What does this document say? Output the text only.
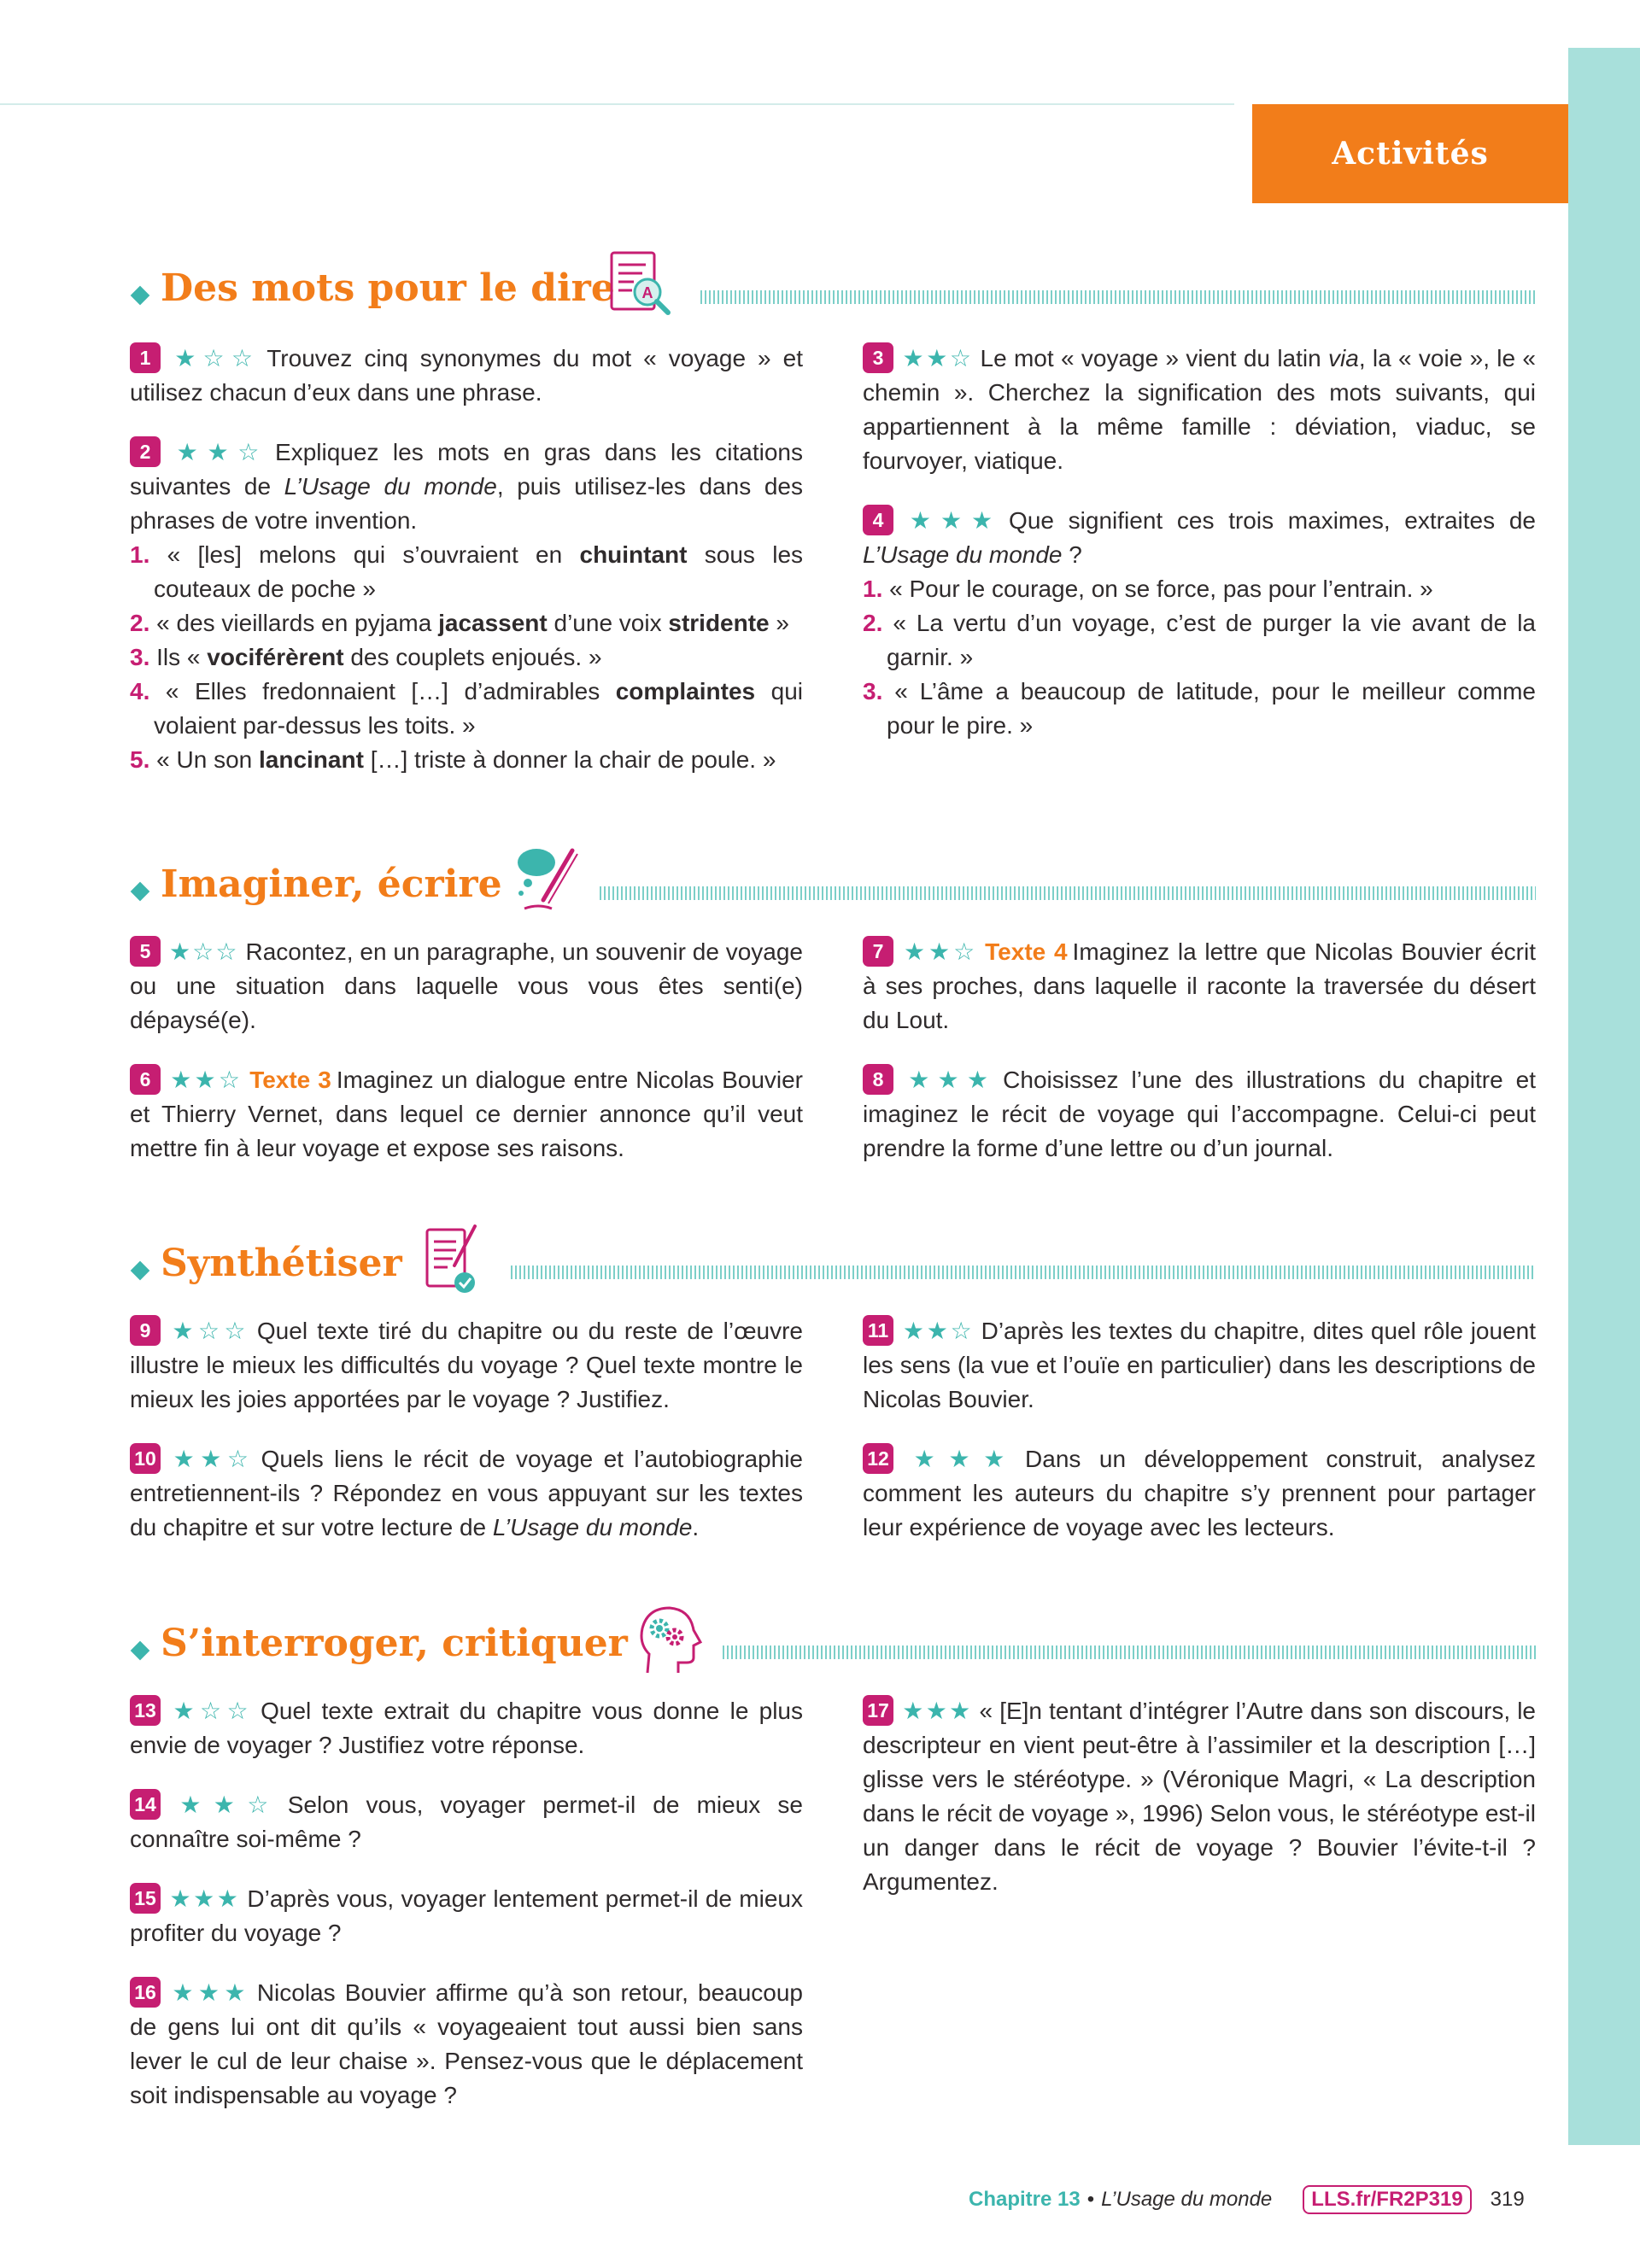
Activités
Des mots pour le dire A
1 ★☆☆ Trouvez cinq synonymes du mot « voyage » et utilisez chacun d’eux dans une phrase.
2 ★★☆ Expliquez les mots en gras dans les citations suivantes de L’Usage du monde, puis utilisez-les dans des phrases de votre invention.
1. « [les] melons qui s’ouvraient en chuintant sous les couteaux de poche »
2. « des vieillards en pyjama jacassent d’une voix stridente »
3. Ils « vociférèrent des couplets enjoués. »
4. « Elles fredonnaient […] d’admirables complaintes qui volaient par-dessus les toits. »
5. « Un son lancinant […] triste à donner la chair de poule. »
3 ★★☆ Le mot « voyage » vient du latin via, la « voie », le « chemin ». Cherchez la signification des mots suivants, qui appartiennent à la même famille : déviation, viaduc, se fourvoyer, viatique.
4 ★★★ Que signifient ces trois maximes, extraites de L’Usage du monde ?
1. « Pour le courage, on se force, pas pour l’entrain. »
2. « La vertu d’un voyage, c’est de purger la vie avant de la garnir. »
3. « L’âme a beaucoup de latitude, pour le meilleur comme pour le pire. »
Imaginer, écrire
5 ★☆☆ Racontez, en un paragraphe, un souvenir de voyage ou une situation dans laquelle vous vous êtes senti(e) dépaysé(e).
6 ★★☆ Texte 3 Imaginez un dialogue entre Nicolas Bouvier et Thierry Vernet, dans lequel ce dernier annonce qu’il veut mettre fin à leur voyage et expose ses raisons.
7 ★★☆ Texte 4 Imaginez la lettre que Nicolas Bouvier écrit à ses proches, dans laquelle il raconte la traversée du désert du Lout.
8 ★★★ Choisissez l’une des illustrations du chapitre et imaginez le récit de voyage qui l’accompagne. Celui-ci peut prendre la forme d’une lettre ou d’un journal.
Synthétiser
9 ★☆☆ Quel texte tiré du chapitre ou du reste de l’œuvre illustre le mieux les difficultés du voyage ? Quel texte montre le mieux les joies apportées par le voyage ? Justifiez.
10 ★★☆ Quels liens le récit de voyage et l’autobiographie entretiennent-ils ? Répondez en vous appuyant sur les textes du chapitre et sur votre lecture de L’Usage du monde.
11 ★★☆ D’après les textes du chapitre, dites quel rôle jouent les sens (la vue et l’ouïe en particulier) dans les descriptions de Nicolas Bouvier.
12 ★★★ Dans un développement construit, analysez comment les auteurs du chapitre s’y prennent pour partager leur expérience de voyage avec les lecteurs.
S’interroger, critiquer
13 ★☆☆ Quel texte extrait du chapitre vous donne le plus envie de voyager ? Justifiez votre réponse.
14 ★★☆ Selon vous, voyager permet-il de mieux se connaître soi-même ?
15 ★★★ D’après vous, voyager lentement permet-il de mieux profiter du voyage ?
16 ★★★ Nicolas Bouvier affirme qu’à son retour, beaucoup de gens lui ont dit qu’ils « voyageaient tout aussi bien sans lever le cul de leur chaise ». Pensez-vous que le déplacement soit indispensable au voyage ?
17 ★★★ « [E]n tentant d’intégrer l’Autre dans son discours, le descripteur en vient peut-être à l’assimiler et la description […] glisse vers le stéréotype. » (Véronique Magri, « La description dans le récit de voyage », 1996) Selon vous, le stéréotype est-il un danger dans le récit de voyage ? Bouvier l’évite-t-il ? Argumentez.
Chapitre 13 • L’Usage du monde	LLS.fr/FR2P319	319
